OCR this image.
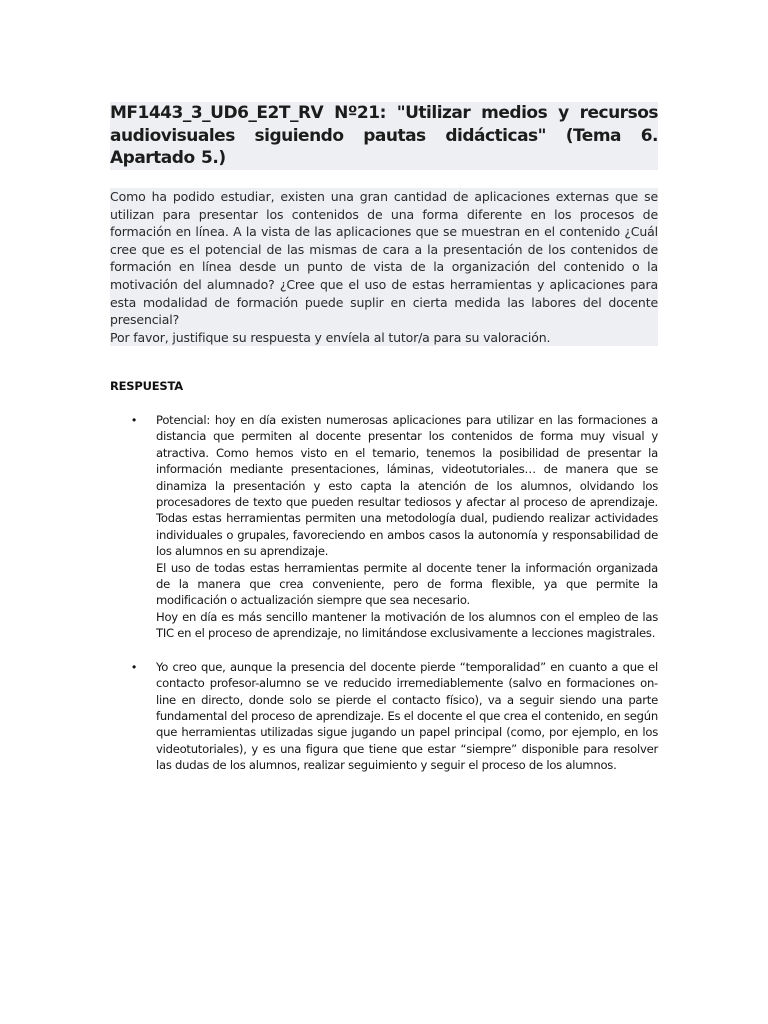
MF1443_3_UD6_E2T_RV Nº21: "Utilizar medios y recursos audiovisuales siguiendo pautas didácticas" (Tema 6. Apartado 5.)

Como ha podido estudiar, existen una gran cantidad de aplicaciones externas que se utilizan para presentar los contenidos de una forma diferente en los procesos de formación en línea. A la vista de las aplicaciones que se muestran en el contenido ¿Cuál cree que es el potencial de las mismas de cara a la presentación de los contenidos de formación en línea desde un punto de vista de la organización del contenido o la motivación del alumnado? ¿Cree que el uso de estas herramientas y aplicaciones para esta modalidad de formación puede suplir en cierta medida las labores del docente presencial?

Por favor, justifique su respuesta y envíela al tutor/a para su valoración.

RESPUESTA
• Potencial: hoy en día existen numerosas aplicaciones para utilizar en las formaciones a distancia que permiten al docente presentar los contenidos de forma muy visual y atractiva. Como hemos visto en el temario, tenemos la posibilidad de presentar la información mediante presentaciones, láminas, videotutoriales… de manera que se dinamiza la presentación y esto capta la atención de los alumnos, olvidando los procesadores de texto que pueden resultar tediosos y afectar al proceso de aprendizaje. Todas estas herramientas permiten una metodología dual, pudiendo realizar actividades individuales o grupales, favoreciendo en ambos casos la autonomía y responsabilidad de los alumnos en su aprendizaje.

El uso de todas estas herramientas permite al docente tener la información organizada de la manera que crea conveniente, pero de forma flexible, ya que permite la modificación o actualización siempre que sea necesario.

Hoy en día es más sencillo mantener la motivación de los alumnos con el empleo de las TIC en el proceso de aprendizaje, no limitándose exclusivamente a lecciones magistrales.

• Yo creo que, aunque la presencia del docente pierde “temporalidad” en cuanto a que el contacto profesor-alumno se ve reducido irremediablemente (salvo en formaciones on-line en directo, donde solo se pierde el contacto físico), va a seguir siendo una parte fundamental del proceso de aprendizaje. Es el docente el que crea el contenido, en según que herramientas utilizadas sigue jugando un papel principal (como, por ejemplo, en los videotutoriales), y es una figura que tiene que estar “siempre” disponible para resolver las dudas de los alumnos, realizar seguimiento y seguir el proceso de los alumnos.
